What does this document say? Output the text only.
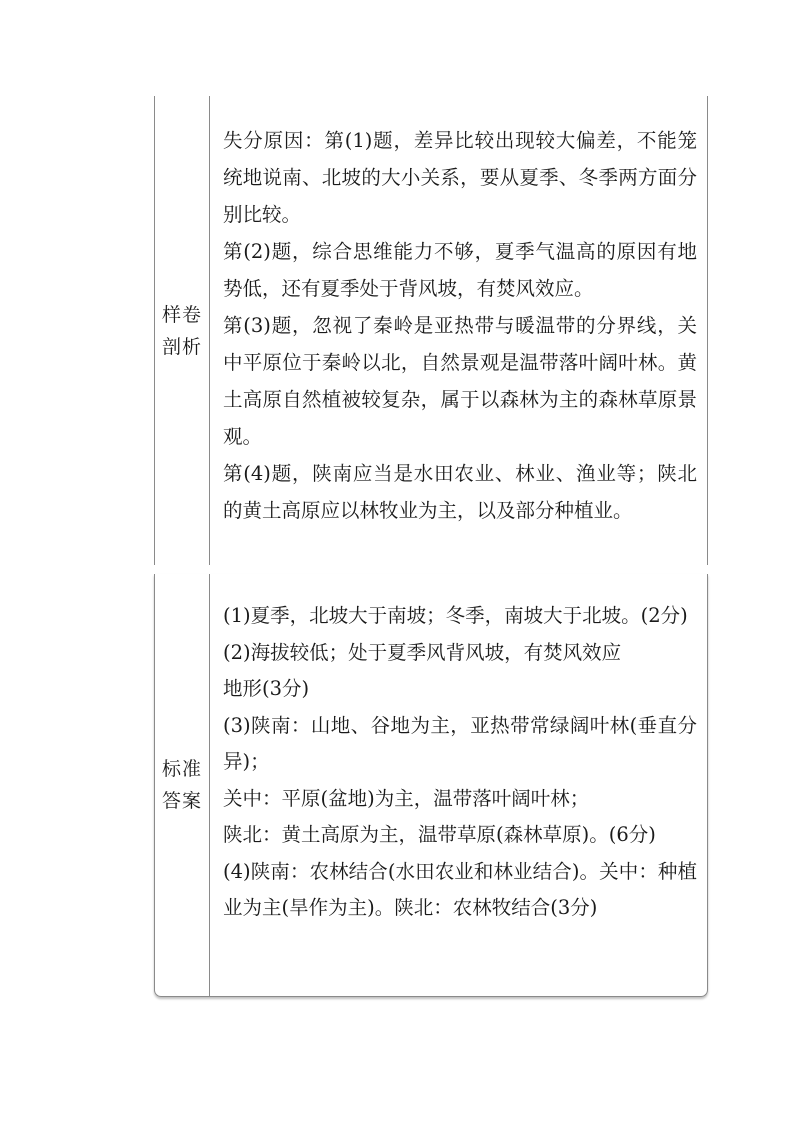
样卷剖析
失分原因：第(1)题，差异比较出现较大偏差，不能笼统地说南、北坡的大小关系，要从夏季、冬季两方面分别比较。
第(2)题，综合思维能力不够，夏季气温高的原因有地势低，还有夏季处于背风坡，有焚风效应。
第(3)题，忽视了秦岭是亚热带与暖温带的分界线，关中平原位于秦岭以北，自然景观是温带落叶阔叶林。黄土高原自然植被较复杂，属于以森林为主的森林草原景观。
第(4)题，陕南应当是水田农业、林业、渔业等；陕北的黄土高原应以林牧业为主，以及部分种植业。
标准答案
(1)夏季，北坡大于南坡；冬季，南坡大于北坡。(2分)
(2)海拔较低；处于夏季风背风坡，有焚风效应
地形(3分)
(3)陕南：山地、谷地为主，亚热带常绿阔叶林(垂直分异)；
关中：平原(盆地)为主，温带落叶阔叶林；
陕北：黄土高原为主，温带草原(森林草原)。(6分)
(4)陕南：农林结合(水田农业和林业结合)。关中：种植业为主(旱作为主)。陕北：农林牧结合(3分)
